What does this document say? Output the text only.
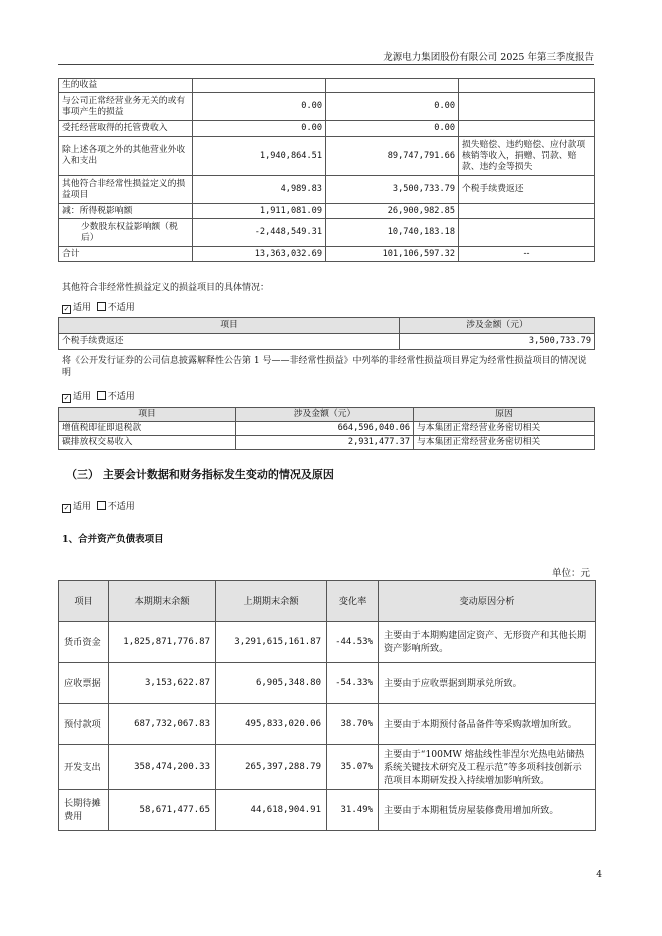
龙源电力集团股份有限公司 2025 年第三季度报告
生的收益			
与公司正常经营业务无关的或有事项产生的损益	0.00	0.00	
受托经营取得的托管费收入	0.00	0.00	
除上述各项之外的其他营业外收入和支出	1,940,864.51	89,747,791.66	损失赔偿、违约赔偿、应付款项核销等收入，捐赠、罚款、赔款、违约金等损失
其他符合非经常性损益定义的损益项目	4,989.83	3,500,733.79	个税手续费返还
减：所得税影响额	1,911,081.09	26,900,982.85	
少数股东权益影响额（税后）	-2,448,549.31	10,740,183.18	
合计	13,363,032.69	101,106,597.32	--
其他符合非经常性损益定义的损益项目的具体情况：
✓ 适用 不适用
项目	涉及金额（元）
个税手续费返还	3,500,733.79
将《公开发行证券的公司信息披露解释性公告第 1 号——非经常性损益》中列举的非经常性损益项目界定为经常性损益项目的情况说明
✓ 适用 不适用
项目	涉及金额（元）	原因
增值税即征即退税款	664,596,040.06	与本集团正常经营业务密切相关
碳排放权交易收入	2,931,477.37	与本集团正常经营业务密切相关
（三） 主要会计数据和财务指标发生变动的情况及原因
✓ 适用 不适用
1、合并资产负债表项目
单位：元
项目	本期期末余额	上期期末余额	变化率	变动原因分析
货币资金	1,825,871,776.87	3,291,615,161.87	-44.53%	主要由于本期购建固定资产、无形资产和其他长期资产影响所致。
应收票据	3,153,622.87	6,905,348.80	-54.33%	主要由于应收票据到期承兑所致。
预付款项	687,732,067.83	495,833,020.06	38.70%	主要由于本期预付备品备件等采购款增加所致。
开发支出	358,474,200.33	265,397,288.79	35.07%	主要由于“100MW 熔盐线性菲涅尔光热电站储热系统关键技术研究及工程示范”等多项科技创新示范项目本期研发投入持续增加影响所致。
长期待摊费用	58,671,477.65	44,618,904.91	31.49%	主要由于本期租赁房屋装修费用增加所致。
4
